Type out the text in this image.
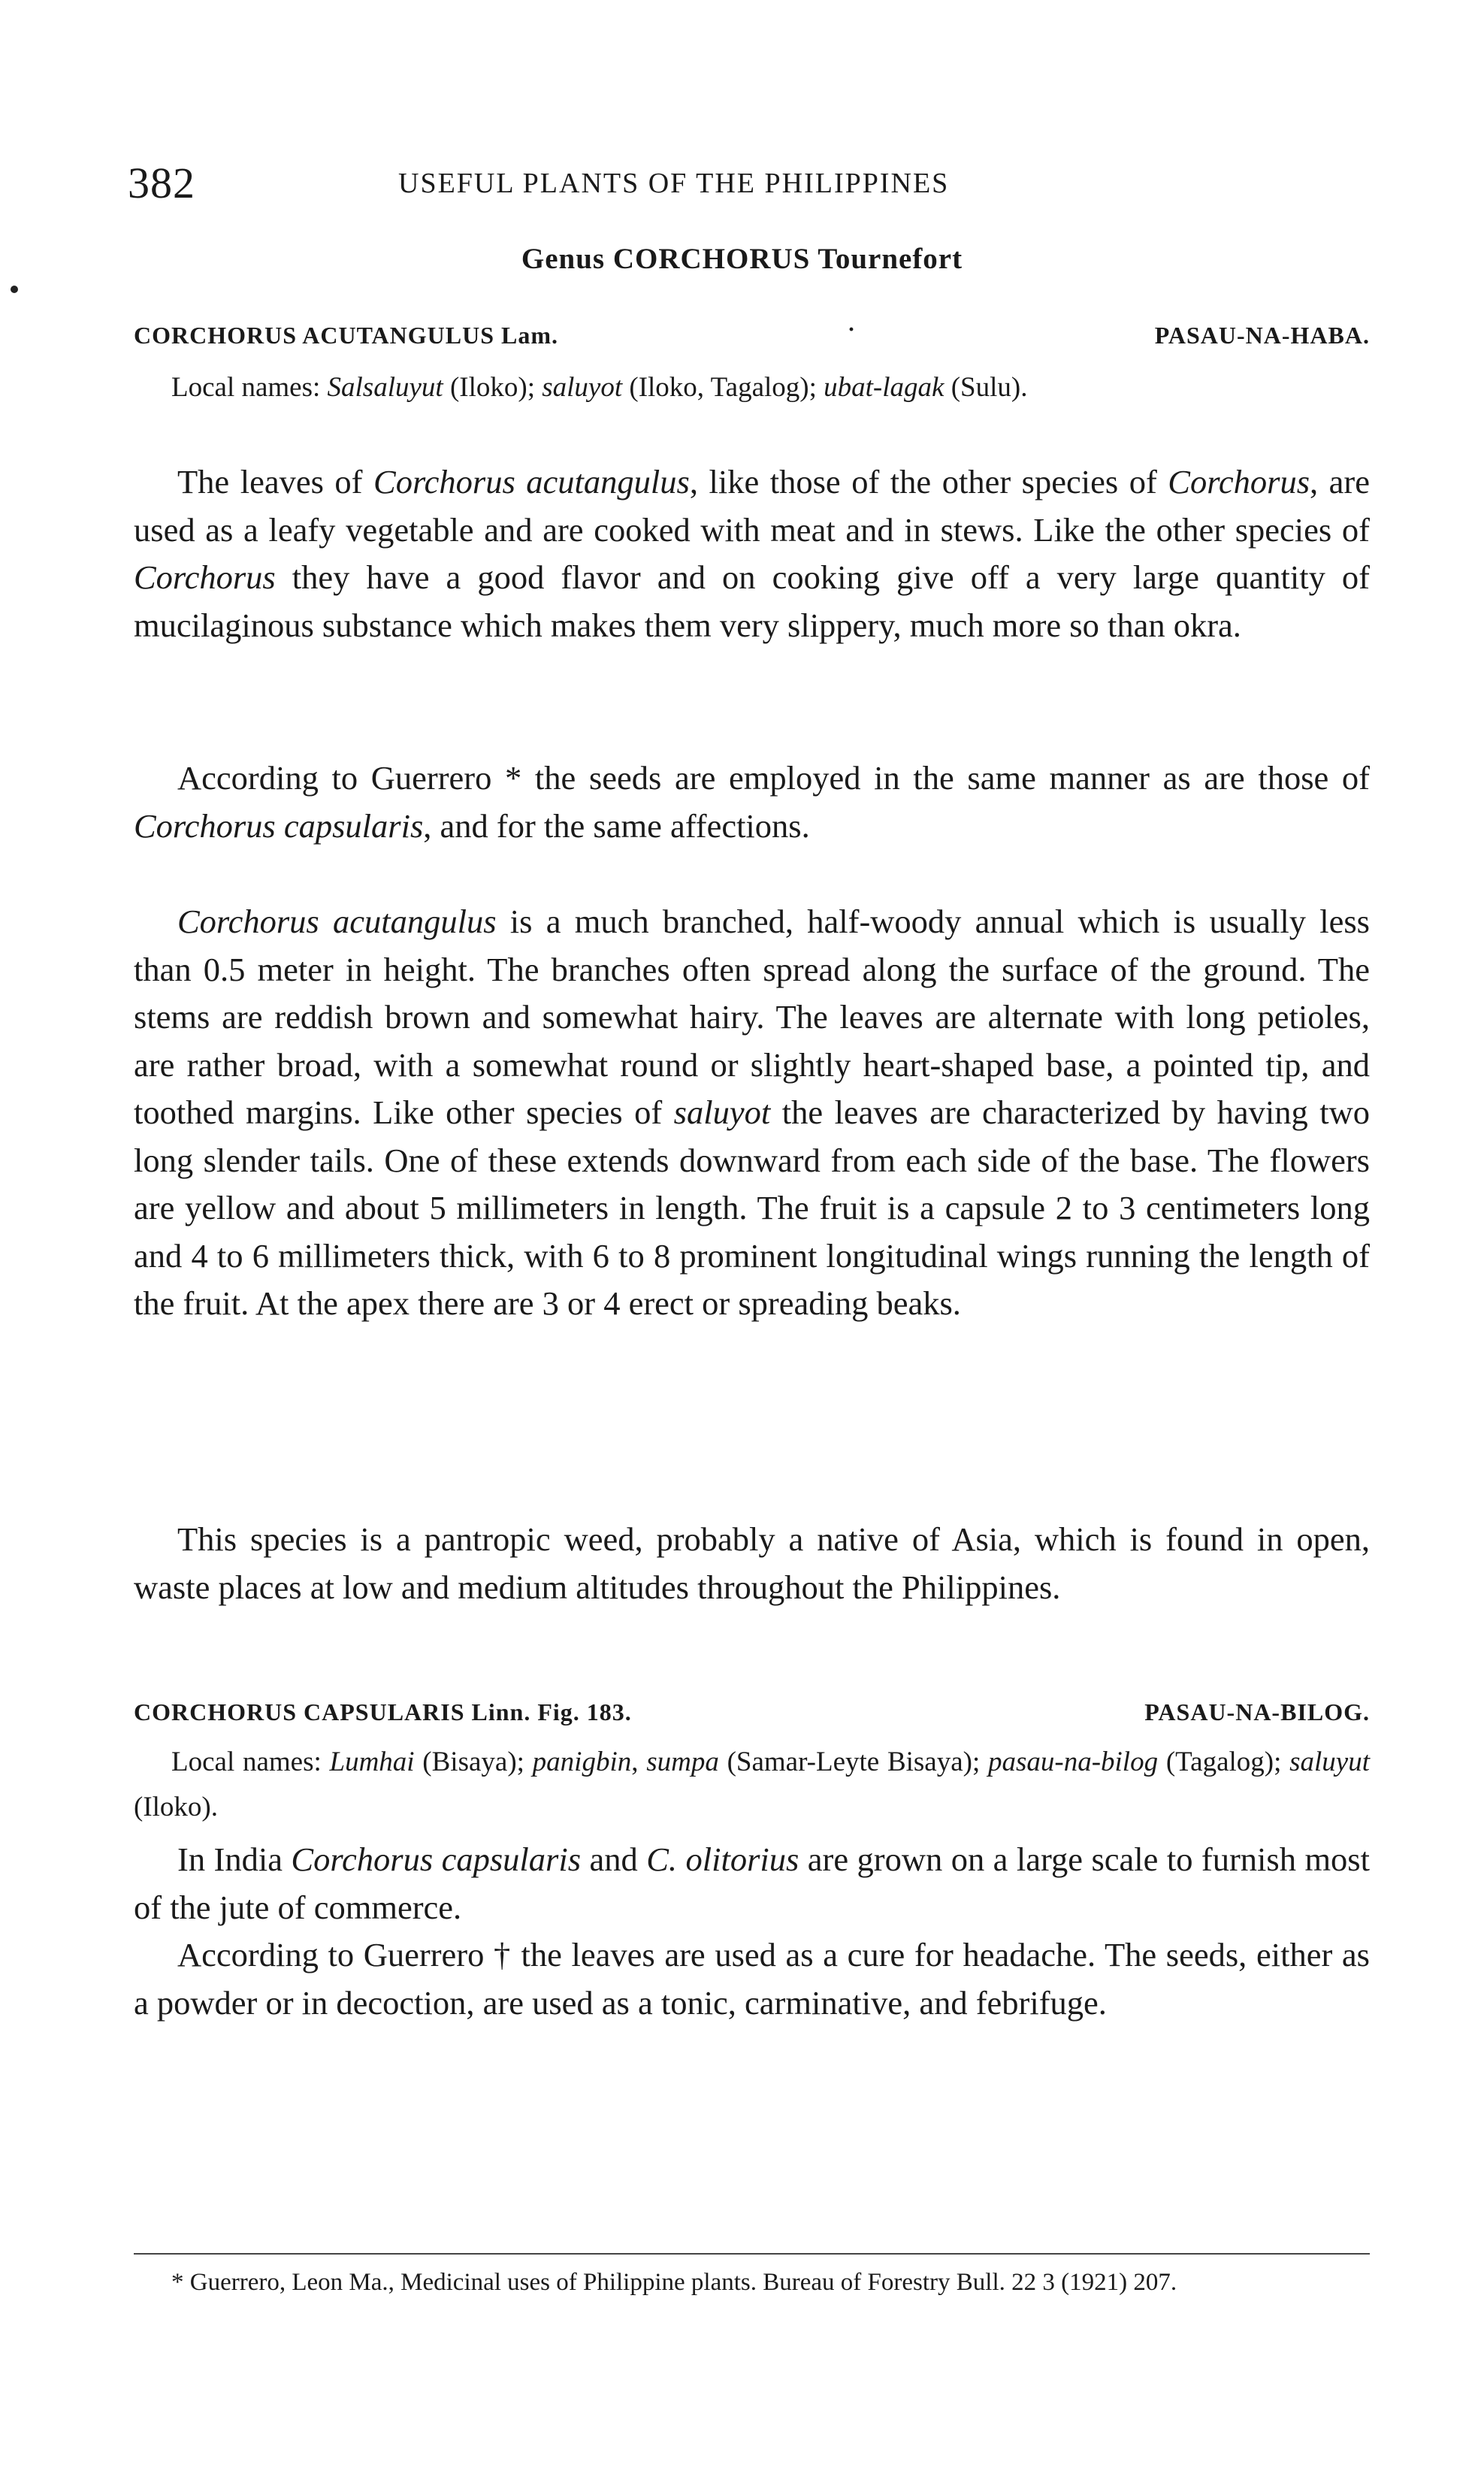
382	USEFUL PLANTS OF THE PHILIPPINES
Genus CORCHORUS Tournefort
CORCHORUS ACUTANGULUS Lam.	·	PASAU-NA-HABA.
Local names: Salsaluyut (Iloko); saluyot (Iloko, Tagalog); ubat-lagak (Sulu).
The leaves of Corchorus acutangulus, like those of the other species of Corchorus, are used as a leafy vegetable and are cooked with meat and in stews. Like the other species of Corchorus they have a good flavor and on cooking give off a very large quantity of mucilaginous substance which makes them very slippery, much more so than okra.
According to Guerrero * the seeds are employed in the same manner as are those of Corchorus capsularis, and for the same affections.
Corchorus acutangulus is a much branched, half-woody annual which is usually less than 0.5 meter in height. The branches often spread along the surface of the ground. The stems are reddish brown and somewhat hairy. The leaves are alternate with long petioles, are rather broad, with a somewhat round or slightly heart-shaped base, a pointed tip, and toothed margins. Like other species of saluyot the leaves are characterized by having two long slender tails. One of these extends downward from each side of the base. The flowers are yellow and about 5 millimeters in length. The fruit is a capsule 2 to 3 centimeters long and 4 to 6 millimeters thick, with 6 to 8 prominent longitudinal wings running the length of the fruit. At the apex there are 3 or 4 erect or spreading beaks.
This species is a pantropic weed, probably a native of Asia, which is found in open, waste places at low and medium altitudes throughout the Philippines.
CORCHORUS CAPSULARIS Linn. Fig. 183.	PASAU-NA-BILOG.
Local names: Lumhai (Bisaya); panigbin, sumpa (Samar-Leyte Bisaya); pasau-na-bilog (Tagalog); saluyut (Iloko).
In India Corchorus capsularis and C. olitorius are grown on a large scale to furnish most of the jute of commerce.
According to Guerrero † the leaves are used as a cure for headache. The seeds, either as a powder or in decoction, are used as a tonic, carminative, and febrifuge.
* Guerrero, Leon Ma., Medicinal uses of Philippine plants. Bureau of Forestry Bull. 22 3 (1921) 207.
